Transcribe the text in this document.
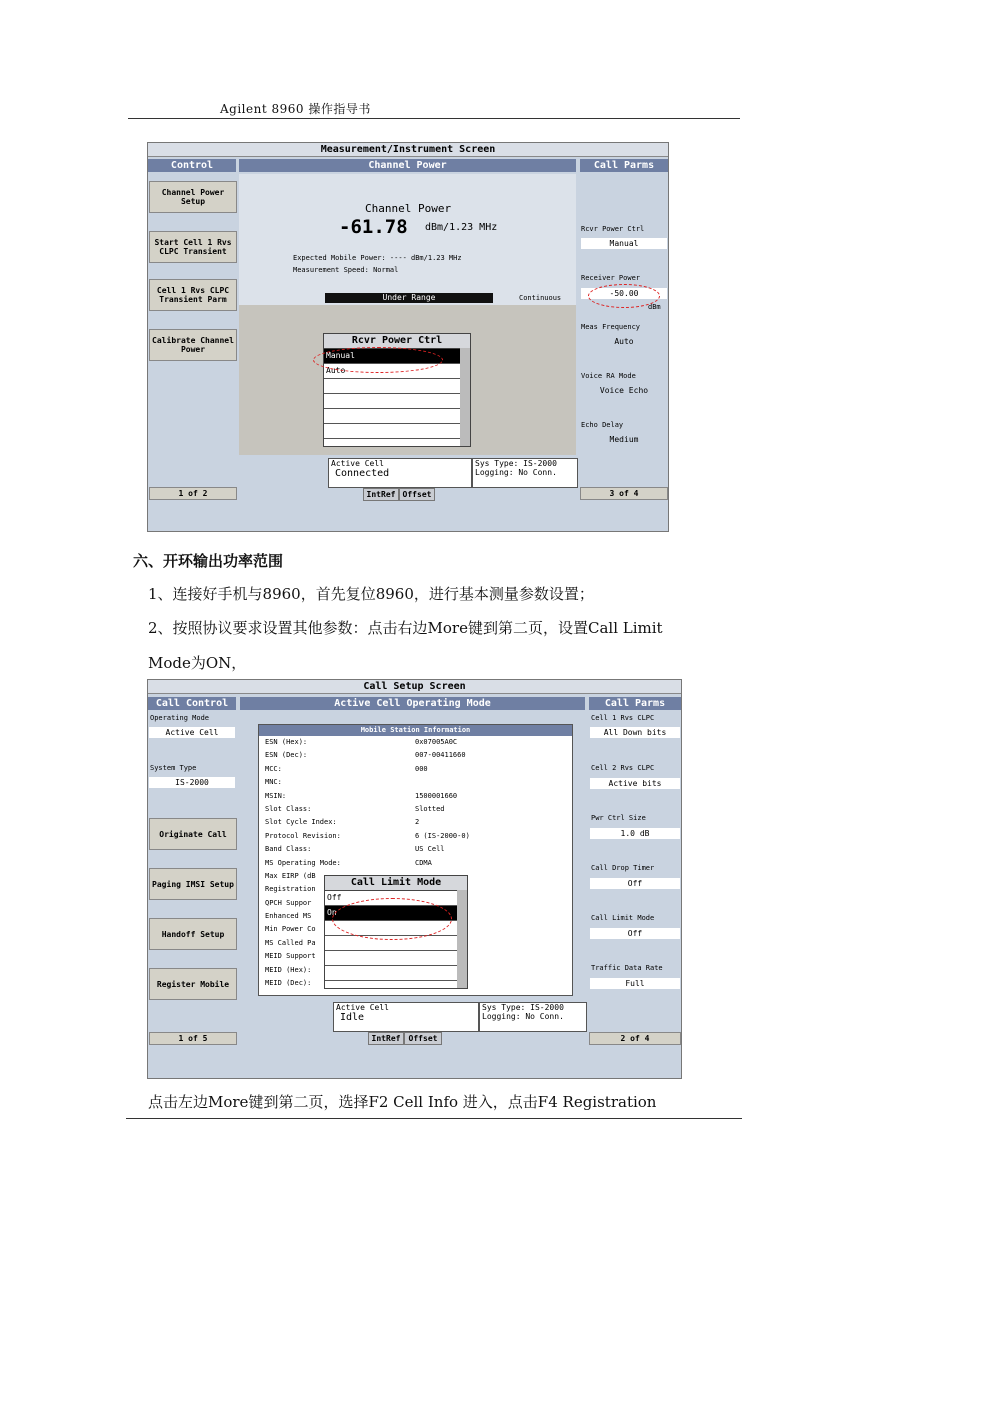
Agilent 8960 操作指导书
Measurement/Instrument Screen
Control	Channel Power	Call Parms
Channel Power Setup
Start Cell 1 Rvs CLPC Transient
Cell 1 Rvs CLPC Transient Parm
Calibrate Channel Power
Channel Power
-61.78 dBm/1.23 MHz
Expected Mobile Power: ---- dBm/1.23 MHz
Measurement Speed: Normal
Under Range	Continuous
Rcvr Power Ctrl
Manual
Auto
Rcvr Power Ctrl
Manual
Receiver Power
-50.00
dBm
Meas Frequency
Auto
Voice RA Mode
Voice Echo
Echo Delay
Medium
Active Cell
Connected
Sys Type: IS-2000
Logging: No Conn.
IntRef Offset
1 of 2	3 of 4
六、开环输出功率范围
1、连接好手机与8960，首先复位8960，进行基本测量参数设置；
2、按照协议要求设置其他参数：点击右边More键到第二页，设置Call Limit
Mode为ON，
Call Setup Screen
Call Control	Active Cell Operating Mode	Call Parms
Operating Mode
Active Cell
System Type
IS-2000
Originate Call
Paging IMSI Setup
Handoff Setup
Register Mobile
Mobile Station Information
ESN (Hex):	0x07005A0C
ESN (Dec):	007-00411660
MCC:	000
MNC:
MSIN:	1500001660
Slot Class:	Slotted
Slot Cycle Index:	2
Protocol Revision:	6 (IS-2000-0)
Band Class:	US Cell
MS Operating Mode:	CDMA
Max EIRP (dB
Registration
QPCH Suppor
Enhanced MS
Min Power Co
MS Called Pa
MEID Support
MEID (Hex):
MEID (Dec):
Call Limit Mode
Off
On
Cell 1 Rvs CLPC
All Down bits
Cell 2 Rvs CLPC
Active bits
Pwr Ctrl Size
1.0 dB
Call Drop Timer
Off
Call Limit Mode
Off
Traffic Data Rate
Full
Active Cell
Idle
Sys Type: IS-2000
Logging: No Conn.
IntRef	Offset
1 of 5	2 of 4
点击左边More键到第二页，选择F2 Cell Info 进入，点击F4 Registration
